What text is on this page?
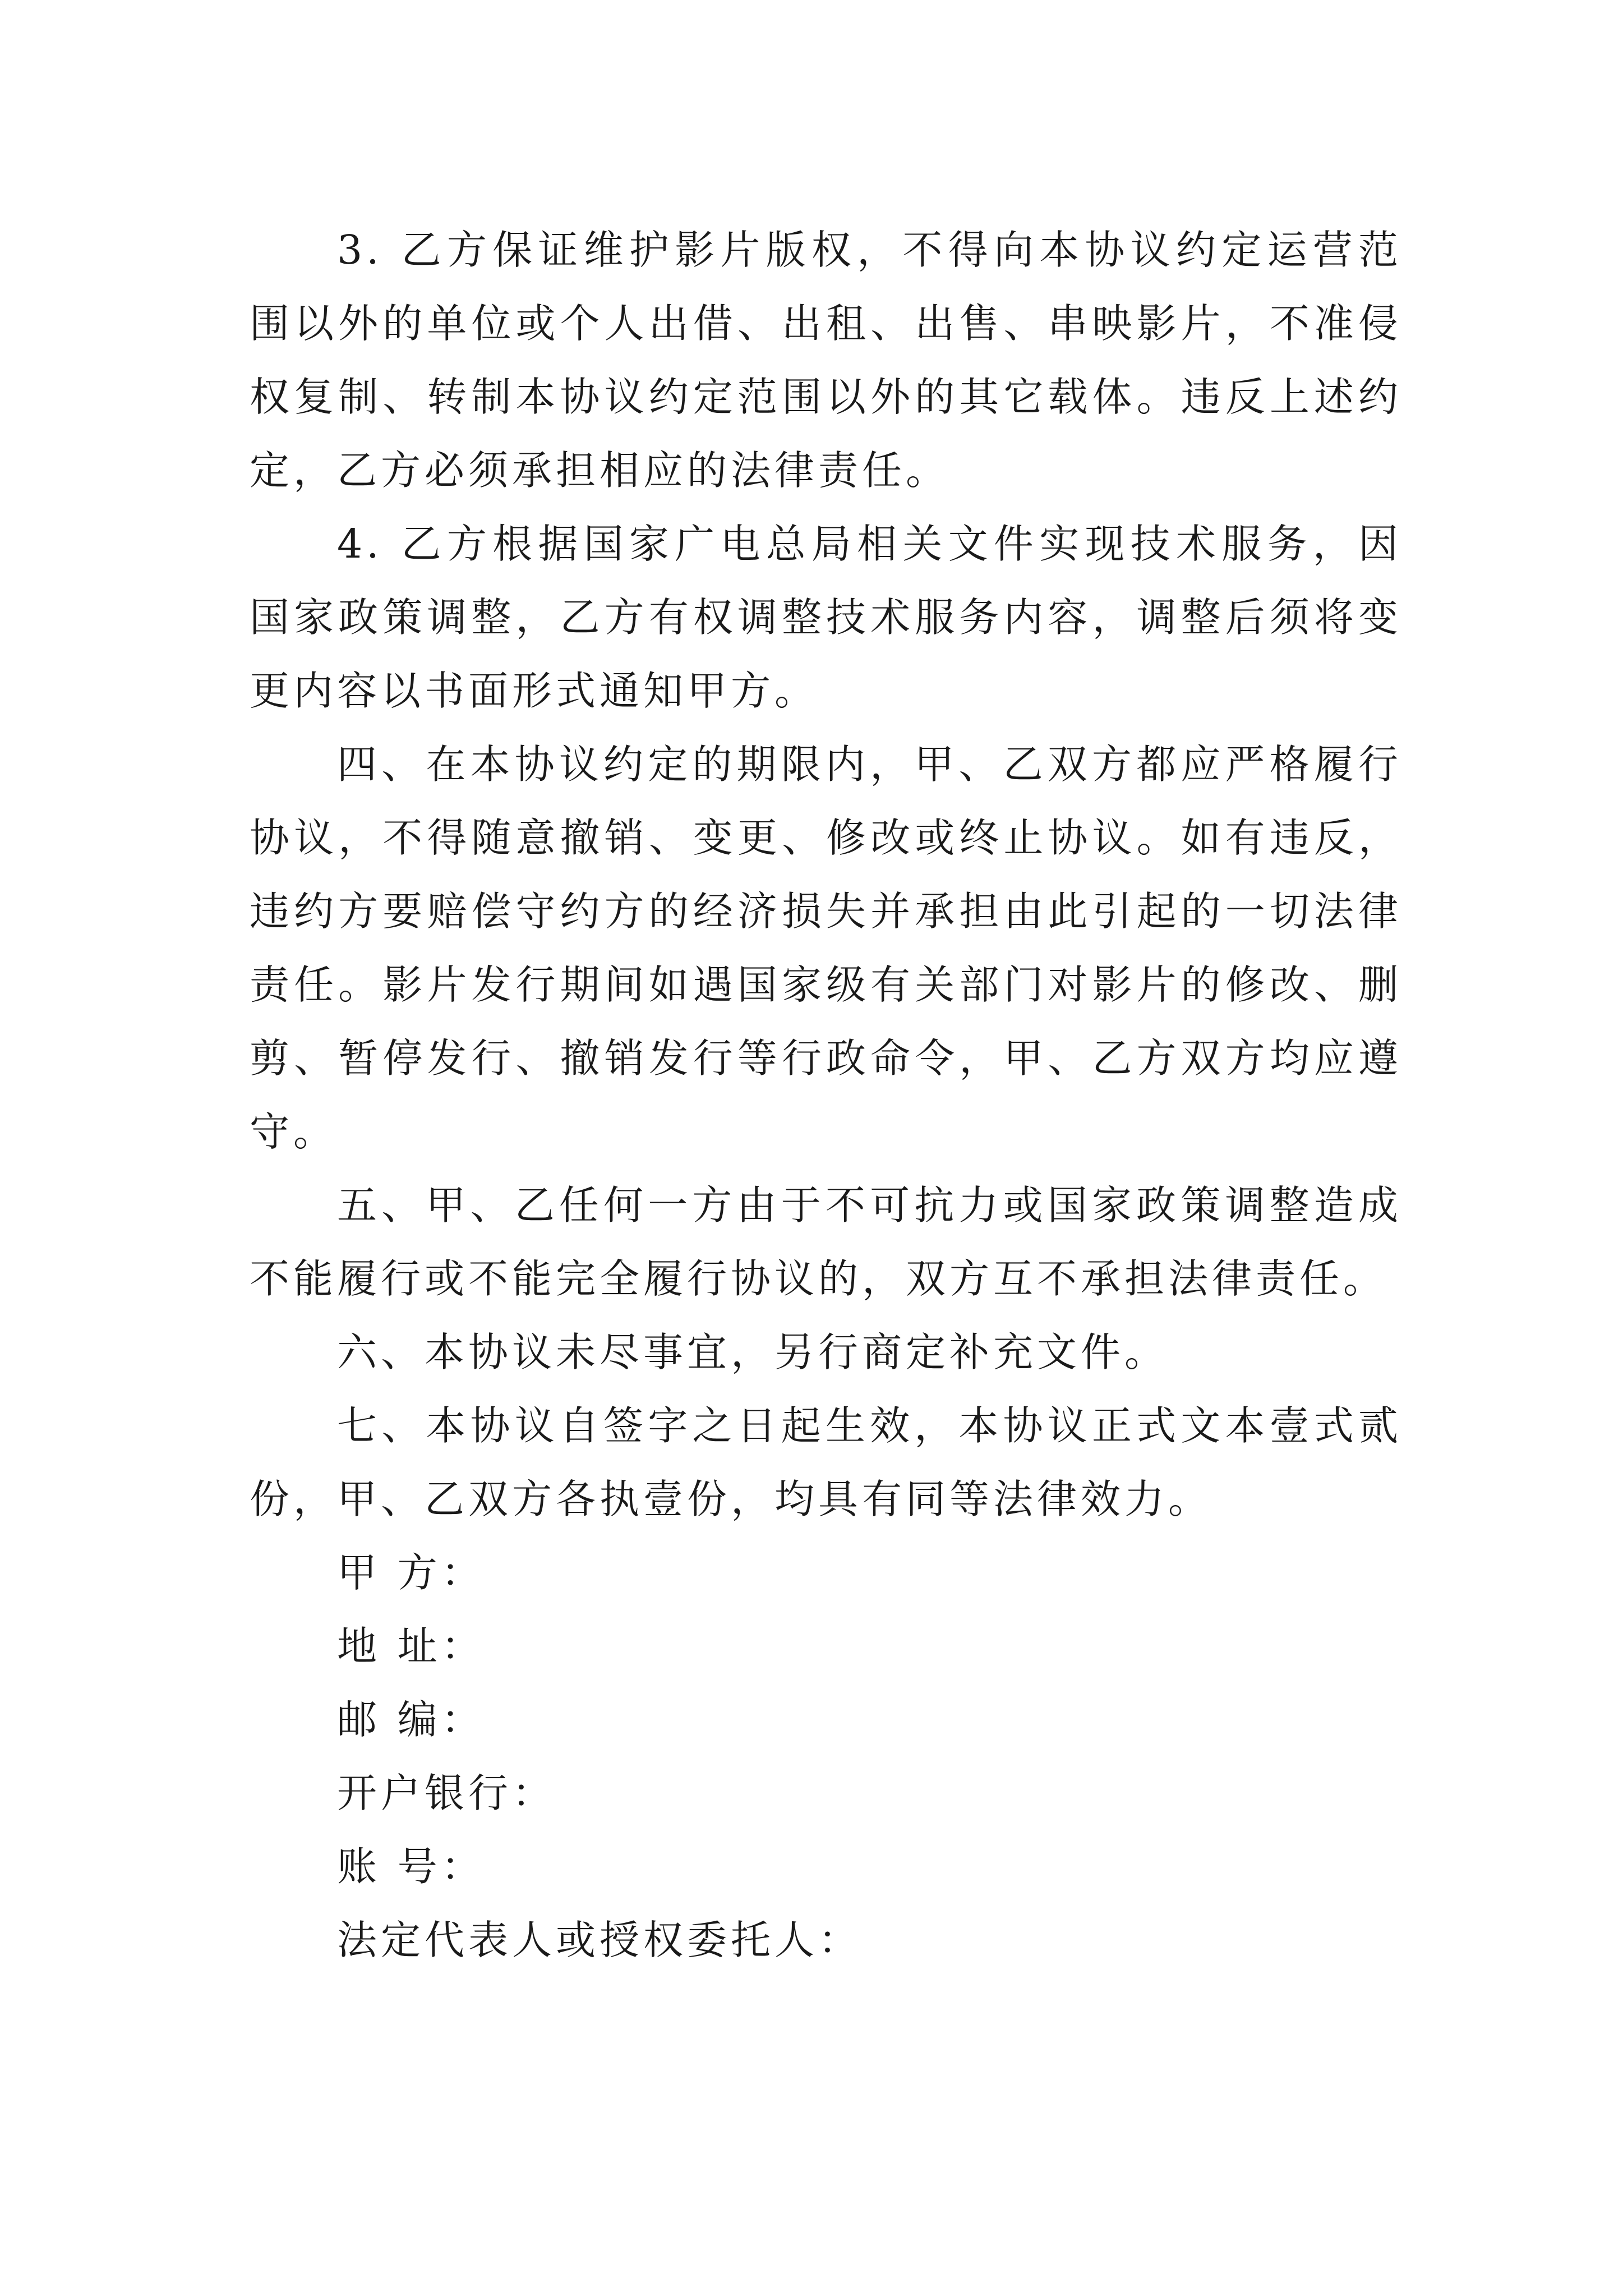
3. 乙方保证维护影片版权，不得向本协议约定运营范围以外的单位或个人出借、出租、出售、串映影片，不准侵权复制、转制本协议约定范围以外的其它载体。违反上述约定，乙方必须承担相应的法律责任。

4. 乙方根据国家广电总局相关文件实现技术服务，因国家政策调整，乙方有权调整技术服务内容，调整后须将变更内容以书面形式通知甲方。

四、在本协议约定的期限内，甲、乙双方都应严格履行协议，不得随意撤销、变更、修改或终止协议。如有违反，违约方要赔偿守约方的经济损失并承担由此引起的一切法律责任。影片发行期间如遇国家级有关部门对影片的修改、删剪、暂停发行、撤销发行等行政命令，甲、乙方双方均应遵守。

五、甲、乙任何一方由于不可抗力或国家政策调整造成不能履行或不能完全履行协议的，双方互不承担法律责任。

六、本协议未尽事宜，另行商定补充文件。

七、本协议自签字之日起生效，本协议正式文本壹式贰份，甲、乙双方各执壹份，均具有同等法律效力。

甲 方：

地 址：

邮 编：

开户银行：

账 号：

法定代表人或授权委托人：
